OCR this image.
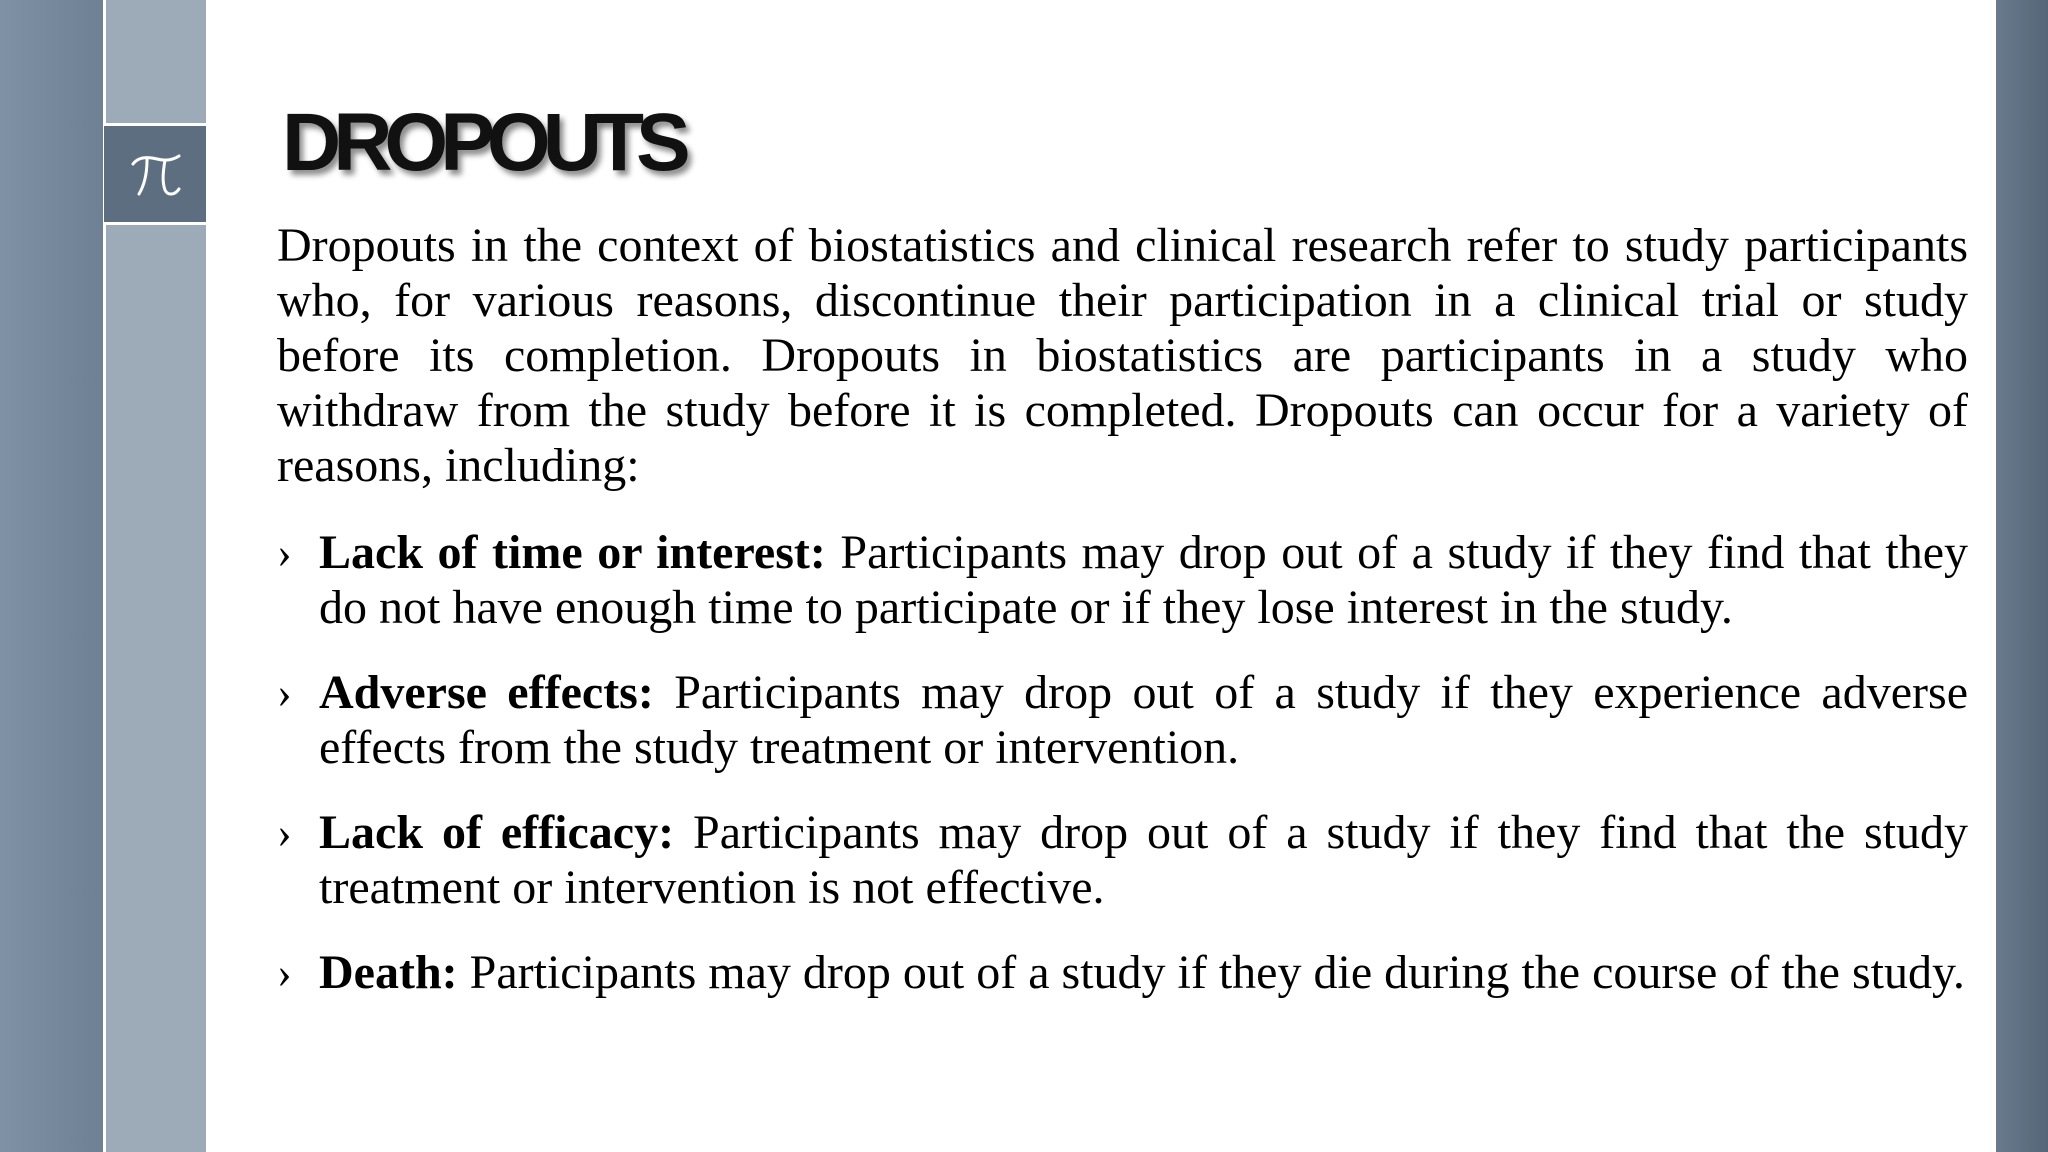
DROPOUTS

Dropouts in the context of biostatistics and clinical research refer to study participants who, for various reasons, discontinue their participation in a clinical trial or study before its completion. Dropouts in biostatistics are participants in a study who withdraw from the study before it is completed. Dropouts can occur for a variety of reasons, including:

› Lack of time or interest: Participants may drop out of a study if they find that they do not have enough time to participate or if they lose interest in the study.
› Adverse effects: Participants may drop out of a study if they experience adverse effects from the study treatment or intervention.
› Lack of efficacy: Participants may drop out of a study if they find that the study treatment or intervention is not effective.
› Death: Participants may drop out of a study if they die during the course of the study.
